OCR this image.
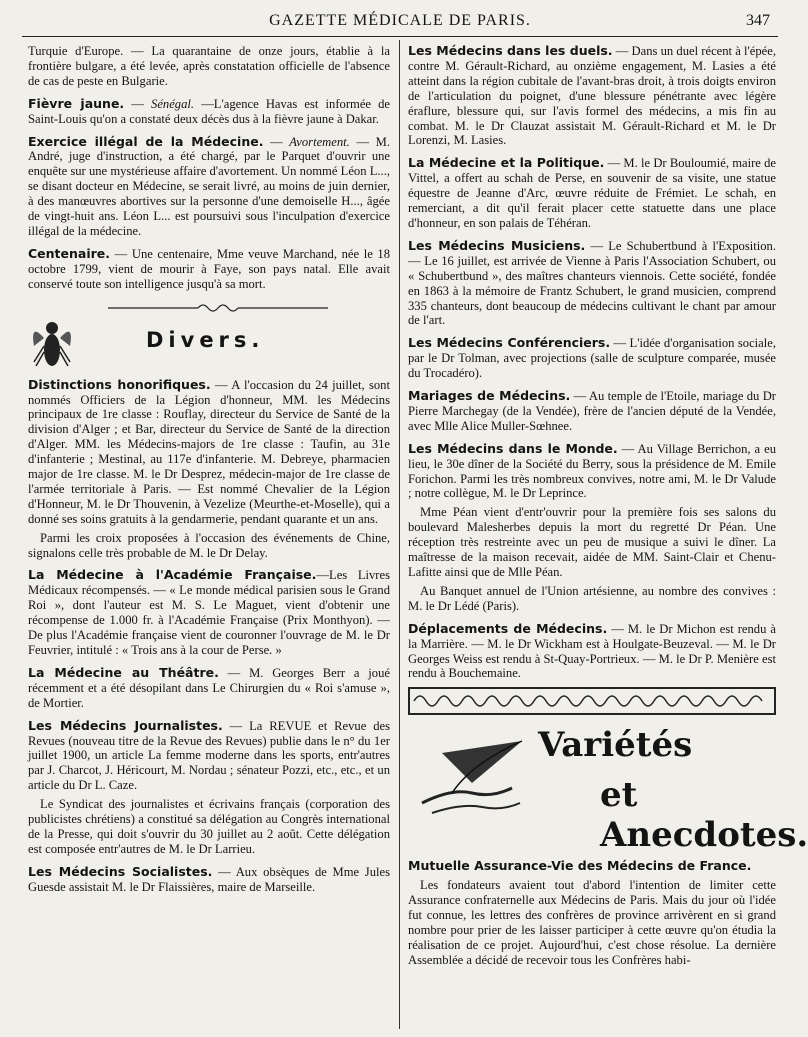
GAZETTE MÉDICALE DE PARIS.	347

Turquie d'Europe. — La quarantaine de onze jours, établie à la frontière bulgare, a été levée, après constatation officielle de l'absence de cas de peste en Bulgarie.

Fièvre jaune. — Sénégal. —L'agence Havas est informée de Saint-Louis qu'on a constaté deux décès dus à la fièvre jaune à Dakar.

Exercice illégal de la Médecine. — Avortement. — M. André, juge d'instruction, a été chargé, par le Parquet d'ouvrir une enquête sur une mystérieuse affaire d'avortement. Un nommé Léon L..., se disant docteur en Médecine, se serait livré, au moins de juin dernier, à des manœuvres abortives sur la personne d'une demoiselle H..., âgée de vingt-huit ans. Léon L... est poursuivi sous l'inculpation d'exercice illégal de la médecine.

Centenaire. — Une centenaire, Mme veuve Marchand, née le 18 octobre 1799, vient de mourir à Faye, son pays natal. Elle avait conservé toute son intelligence jusqu'à sa mort.

Divers.

Distinctions honorifiques. — A l'occasion du 24 juillet, sont nommés Officiers de la Légion d'honneur, MM. les Médecins principaux de 1re classe : Rouflay, directeur du Service de Santé de la division d'Alger ; et Bar, directeur du Service de Santé de la direction d'Alger. MM. les Médecins-majors de 1re classe : Taufin, au 31e d'infanterie ; Mestinal, au 117e d'infanterie. M. Debreye, pharmacien major de 1re classe. M. le Dr Desprez, médecin-major de 1re classe de l'armée territoriale à Paris. — Est nommé Chevalier de la Légion d'Honneur, M. le Dr Thouvenin, à Vezelize (Meurthe-et-Moselle), qui a donné ses soins gratuits à la gendarmerie, pendant quarante et un ans.

Parmi les croix proposées à l'occasion des événements de Chine, signalons celle très probable de M. le Dr Delay.

La Médecine à l'Académie Française.—Les Livres Médicaux récompensés. — « Le monde médical parisien sous le Grand Roi », dont l'auteur est M. S. Le Maguet, vient d'obtenir une récompense de 1.000 fr. à l'Académie Française (Prix Monthyon). — De plus l'Académie française vient de couronner l'ouvrage de M. le Dr Feuvrier, intitulé : « Trois ans à la cour de Perse. »

La Médecine au Théâtre. — M. Georges Berr a joué récemment et a été désopilant dans Le Chirurgien du « Roi s'amuse », de Mortier.

Les Médecins Journalistes. — La REVUE et Revue des Revues (nouveau titre de la Revue des Revues) publie dans le n° du 1er juillet 1900, un article La femme moderne dans les sports, entr'autres par J. Charcot, J. Héricourt, M. Nordau ; sénateur Pozzi, etc., etc., et un article du Dr L. Caze.

Le Syndicat des journalistes et écrivains français (corporation des publicistes chrétiens) a constitué sa délégation au Congrès international de la Presse, qui doit s'ouvrir du 30 juillet au 2 août. Cette délégation est composée entr'autres de M. le Dr Larrieu.

Les Médecins Socialistes. — Aux obsèques de Mme Jules Guesde assistait M. le Dr Flaissières, maire de Marseille.

Les Médecins dans les duels. — Dans un duel récent à l'épée, contre M. Gérault-Richard, au onzième engagement, M. Lasies a été atteint dans la région cubitale de l'avant-bras droit, à trois doigts environ de l'articulation du poignet, d'une blessure pénétrante avec légère éraflure, blessure qui, sur l'avis formel des médecins, a mis fin au combat. M. le Dr Clauzat assistait M. Gérault-Richard et M. le Dr Lorenzi, M. Lasies.

La Médecine et la Politique. — M. le Dr Bouloumié, maire de Vittel, a offert au schah de Perse, en souvenir de sa visite, une statue équestre de Jeanne d'Arc, œuvre réduite de Frémiet. Le schah, en remerciant, a dit qu'il ferait placer cette statuette dans une place d'honneur, en son palais de Téhéran.

Les Médecins Musiciens. — Le Schubertbund à l'Exposition. — Le 16 juillet, est arrivée de Vienne à Paris l'Association Schubert, ou « Schubertbund », des maîtres chanteurs viennois. Cette société, fondée en 1863 à la mémoire de Frantz Schubert, le grand musicien, comprend 335 chanteurs, dont beaucoup de médecins cultivant le chant par amour de l'art.

Les Médecins Conférenciers. — L'idée d'organisation sociale, par le Dr Tolman, avec projections (salle de sculpture comparée, musée du Trocadéro).

Mariages de Médecins. — Au temple de l'Etoile, mariage du Dr Pierre Marchegay (de la Vendée), frère de l'ancien député de la Vendée, avec Mlle Alice Muller-Sœhnee.

Les Médecins dans le Monde. — Au Village Berrichon, a eu lieu, le 30e dîner de la Société du Berry, sous la présidence de M. Emile Forichon. Parmi les très nombreux convives, notre ami, M. le Dr Valude ; notre collègue, M. le Dr Leprince.

Mme Péan vient d'entr'ouvrir pour la première fois ses salons du boulevard Malesherbes depuis la mort du regretté Dr Péan. Une réception très restreinte avec un peu de musique a suivi le dîner. La maîtresse de la maison recevait, aidée de MM. Saint-Clair et Chenu-Lafitte ainsi que de Mlle Péan.

Au Banquet annuel de l'Union artésienne, au nombre des convives : M. le Dr Lédé (Paris).

Déplacements de Médecins. — M. le Dr Michon est rendu à la Marrière. — M. le Dr Wickham est à Houlgate-Beuzeval. — M. le Dr Georges Weiss est rendu à St-Quay-Portrieux. — M. le Dr P. Menière est rendu à Bouchemaine.

Variétés
et Anecdotes.

Mutuelle Assurance-Vie des Médecins de France.

Les fondateurs avaient tout d'abord l'intention de limiter cette Assurance confraternelle aux Médecins de Paris. Mais du jour où l'idée fut connue, les lettres des confrères de province arrivèrent en si grand nombre pour prier de les laisser participer à cette œuvre qu'on étudia la réalisation de ce projet. Aujourd'hui, c'est chose résolue. La dernière Assemblée a décidé de recevoir tous les Confrères habi-
